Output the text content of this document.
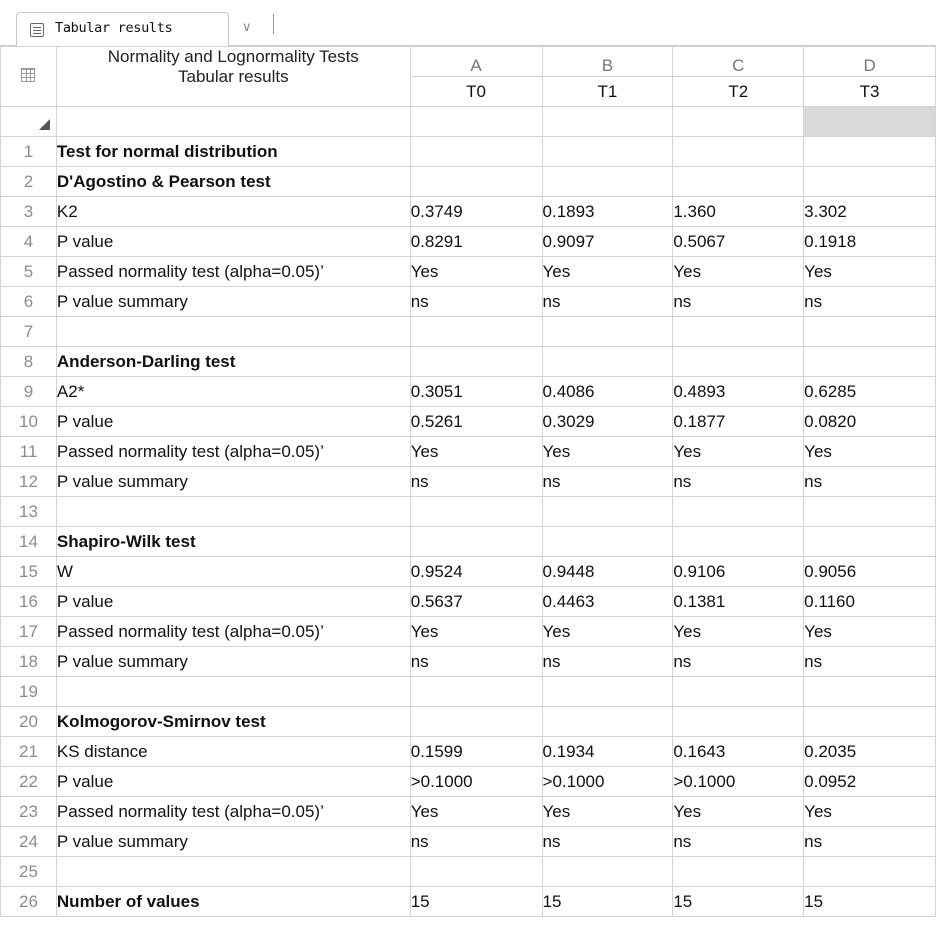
Tabular results	∨

	Normality and Lognormality Tests
Tabular results	A	B	C	D
		T0	T1	T2	T3

1	Test for normal distribution				
2	D'Agostino & Pearson test				
3	K2	0.3749	0.1893	1.360	3.302
4	P value	0.8291	0.9097	0.5067	0.1918
5	Passed normality test (alpha=0.05)’	Yes	Yes	Yes	Yes
6	P value summary	ns	ns	ns	ns
7					
8	Anderson-Darling test				
9	A2*	0.3051	0.4086	0.4893	0.6285
10	P value	0.5261	0.3029	0.1877	0.0820
11	Passed normality test (alpha=0.05)’	Yes	Yes	Yes	Yes
12	P value summary	ns	ns	ns	ns
13					
14	Shapiro-Wilk test				
15	W	0.9524	0.9448	0.9106	0.9056
16	P value	0.5637	0.4463	0.1381	0.1160
17	Passed normality test (alpha=0.05)’	Yes	Yes	Yes	Yes
18	P value summary	ns	ns	ns	ns
19					
20	Kolmogorov-Smirnov test				
21	KS distance	0.1599	0.1934	0.1643	0.2035
22	P value	>0.1000	>0.1000	>0.1000	0.0952
23	Passed normality test (alpha=0.05)’	Yes	Yes	Yes	Yes
24	P value summary	ns	ns	ns	ns
25					
26	Number of values	15	15	15	15
